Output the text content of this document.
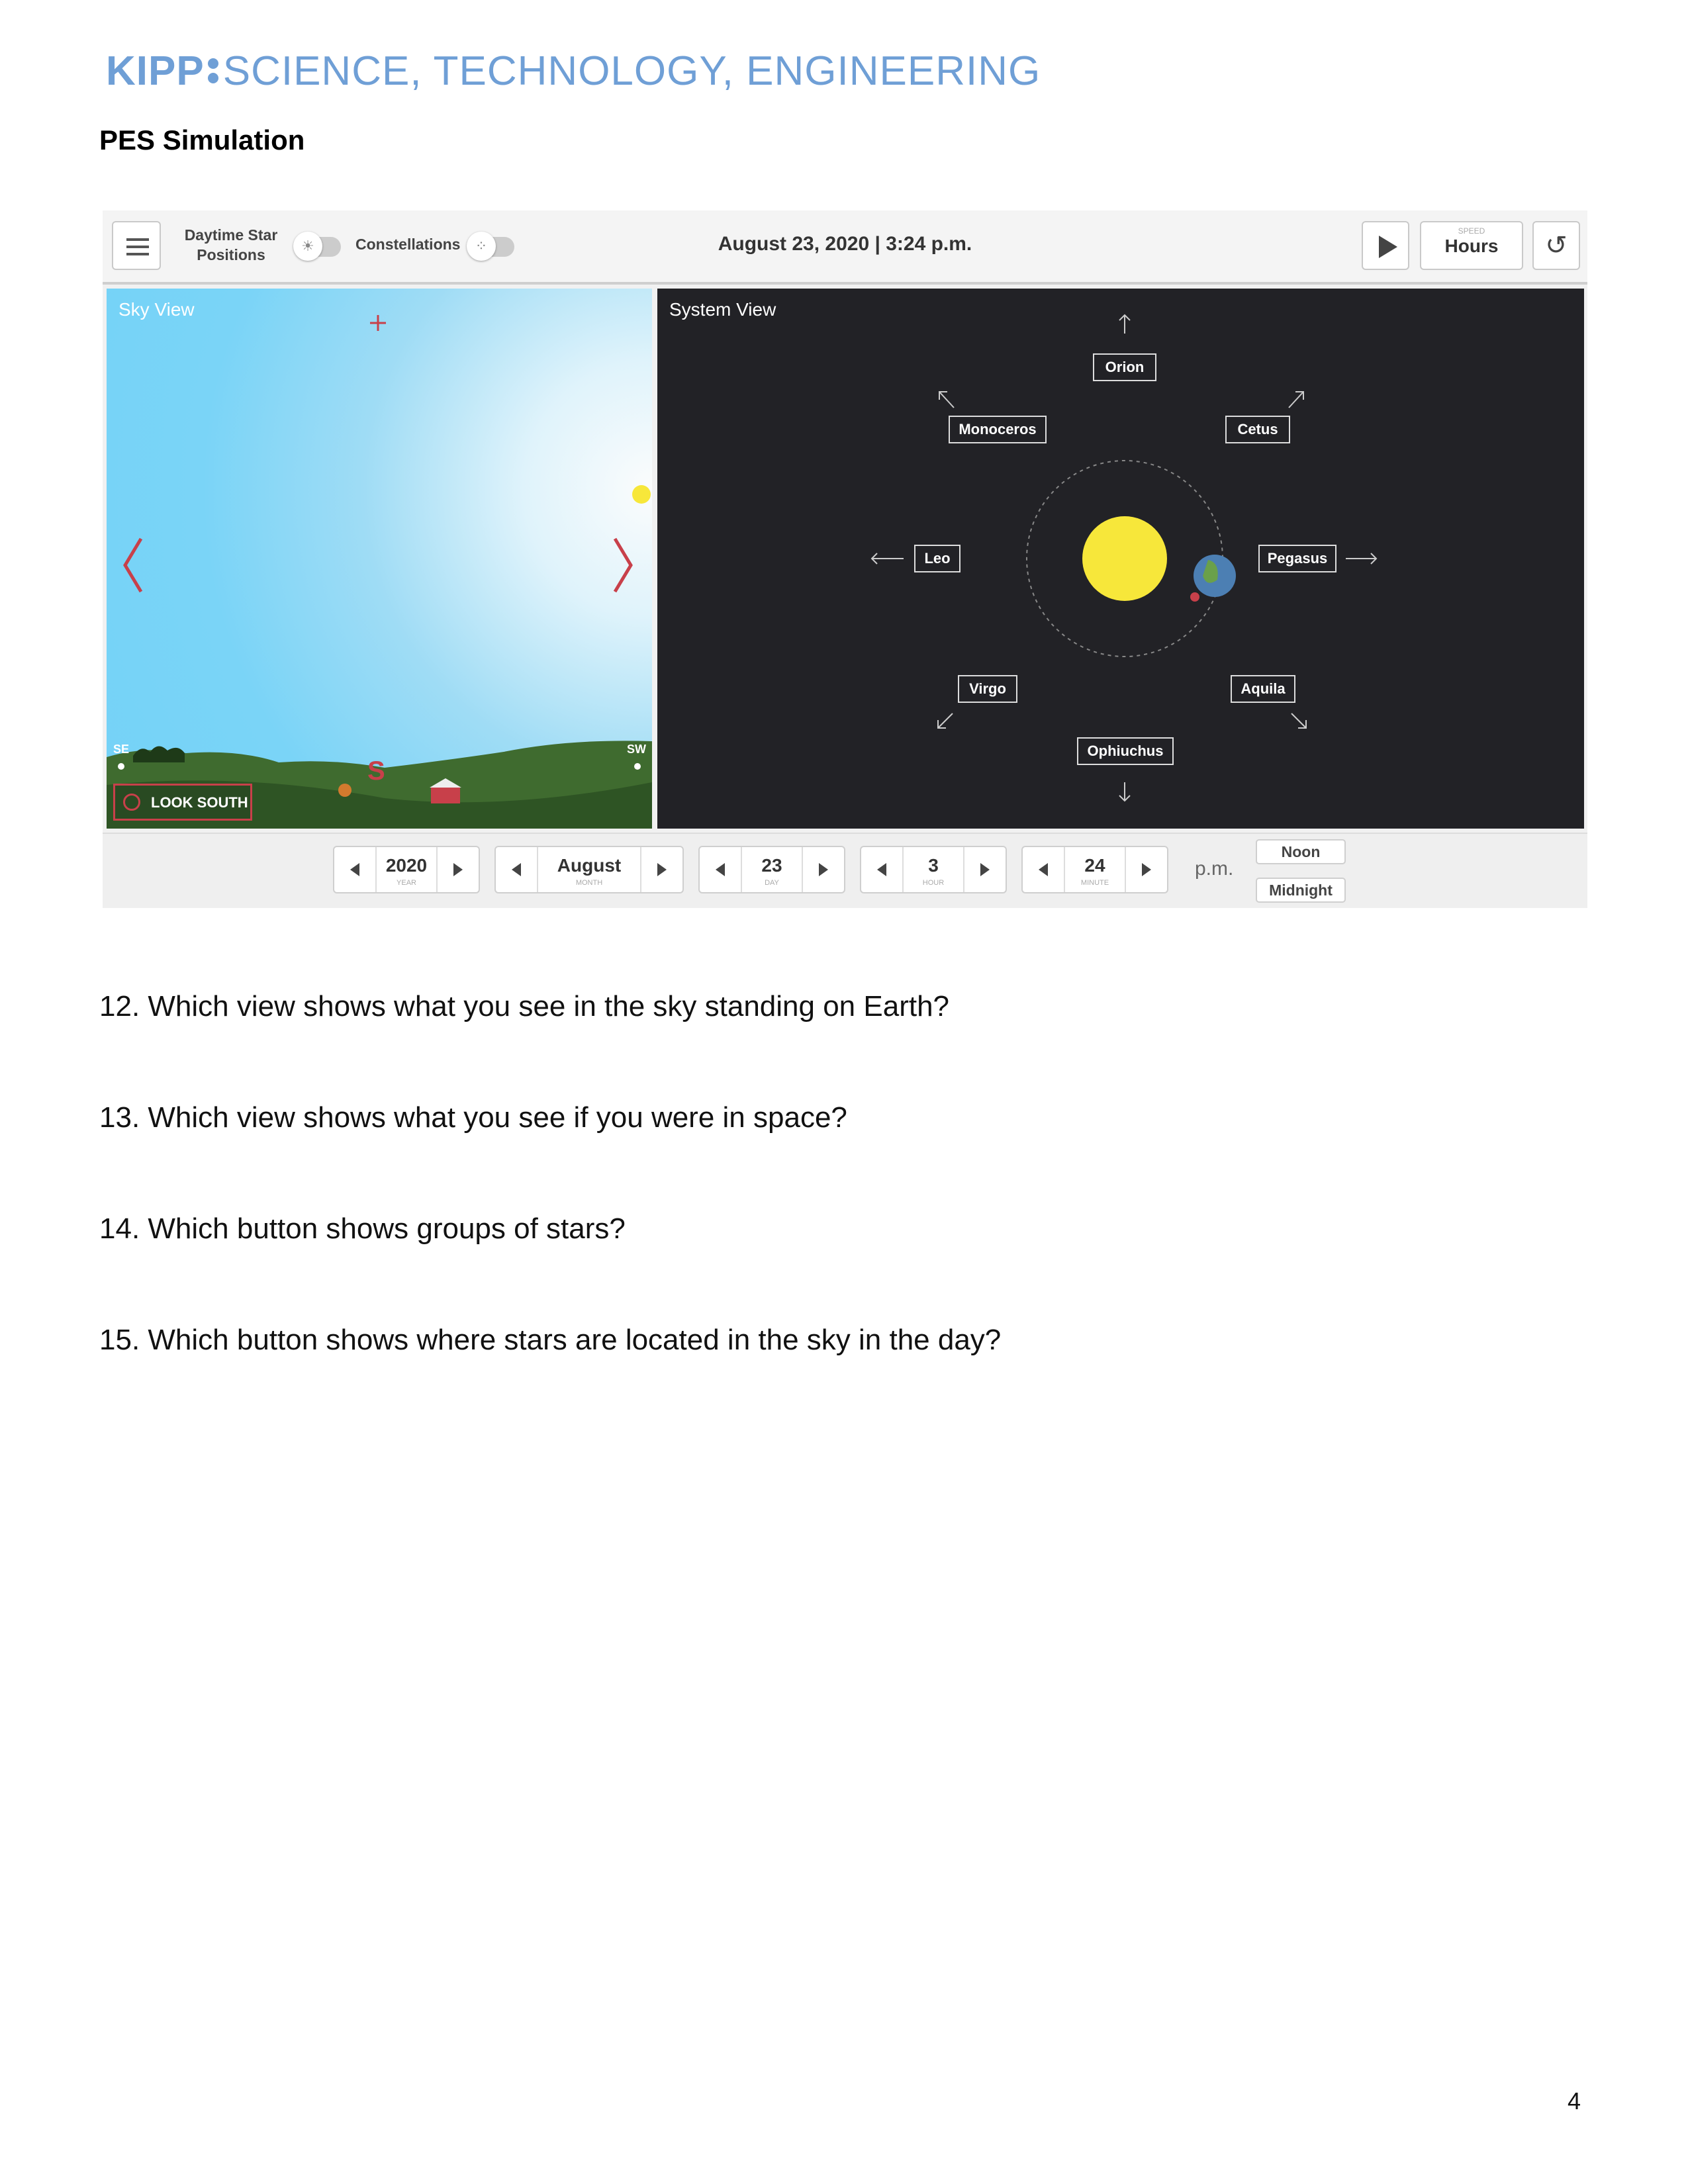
KIPP SCIENCE, TECHNOLOGY, ENGINEERING
PES Simulation
Daytime Star
Positions
☀	Constellations	⁘	August 23, 2020 | 3:24 p.m.
SPEED
Hours	↺
Sky View
SE	SW
S
LOOK SOUTH
System View
Orion
Monoceros	Cetus
Leo	Pegasus
Virgo	Aquila
Ophiuchus
2020
YEAR
August
MONTH
23
DAY
3
HOUR
24
MINUTE
p.m.
Noon
Midnight
12. Which view shows what you see in the sky standing on Earth?
13. Which view shows what you see if you were in space?
14. Which button shows groups of stars?
15. Which button shows where stars are located in the sky in the day?
4
